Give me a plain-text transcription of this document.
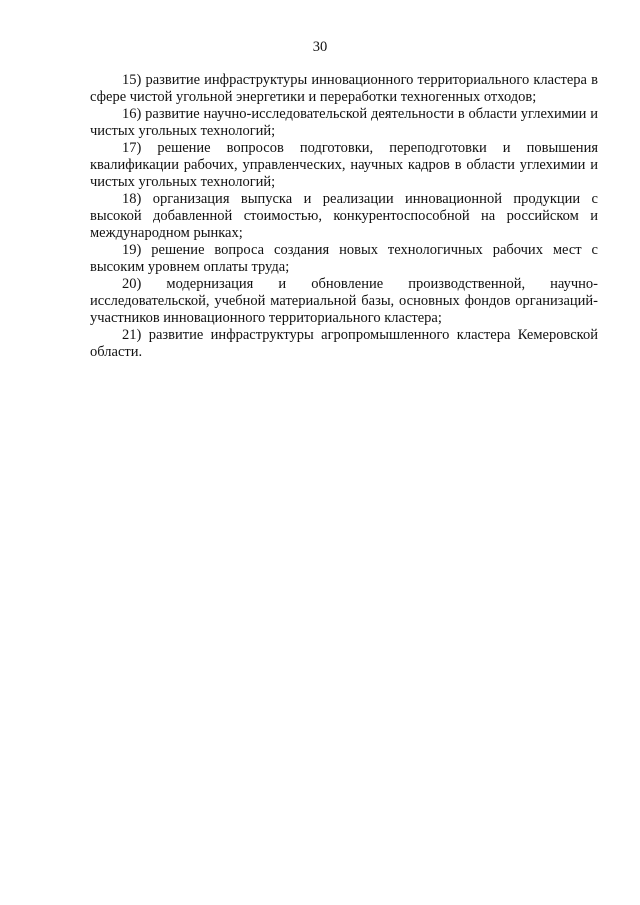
30

15) развитие инфраструктуры инновационного территориального кластера в сфере чистой угольной энергетики и переработки техногенных отходов;

16) развитие научно-исследовательской деятельности в области углехимии и чистых угольных технологий;

17) решение вопросов подготовки, переподготовки и повышения квалификации рабочих, управленческих, научных кадров в области углехимии и чистых угольных технологий;

18) организация выпуска и реализации инновационной продукции с высокой добавленной стоимостью, конкурентоспособной на российском и международном рынках;

19) решение вопроса создания новых технологичных рабочих мест с высоким уровнем оплаты труда;

20) модернизация и обновление производственной, научно-исследовательской, учебной материальной базы, основных фондов организаций-участников инновационного территориального кластера;

21) развитие инфраструктуры агропромышленного кластера Кемеровской области.
